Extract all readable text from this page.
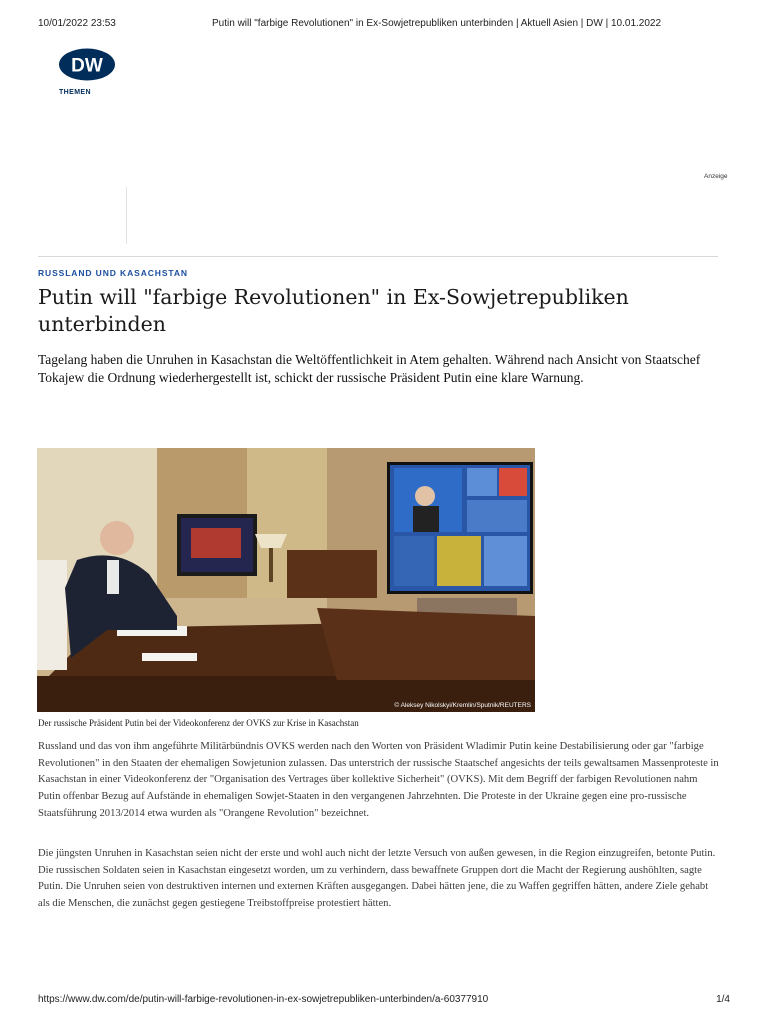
10/01/2022 23:53	Putin will "farbige Revolutionen" in Ex-Sowjetrepubliken unterbinden | Aktuell Asien | DW | 10.01.2022
DW
THEMEN
Anzeige
RUSSLAND UND KASACHSTAN
Putin will "farbige Revolutionen" in Ex-Sowjetrepubliken unterbinden

Tagelang haben die Unruhen in Kasachstan die Weltöffentlichkeit in Atem gehalten. Während nach Ansicht von Staatschef Tokajew die Ordnung wiederhergestellt ist, schickt der russische Präsident Putin eine klare Warnung.

© Aleksey Nikolskyi/Kremlin/Sputnik/REUTERS
Der russische Präsident Putin bei der Videokonferenz der OVKS zur Krise in Kasachstan

Russland und das von ihm angeführte Militärbündnis OVKS werden nach den Worten von Präsident Wladimir Putin keine Destabilisierung oder gar "farbige Revolutionen" in den Staaten der ehemaligen Sowjetunion zulassen. Das unterstrich der russische Staatschef angesichts der teils gewaltsamen Massenproteste in Kasachstan in einer Videokonferenz der "Organisation des Vertrages über kollektive Sicherheit" (OVKS). Mit dem Begriff der farbigen Revolutionen nahm Putin offenbar Bezug auf Aufstände in ehemaligen Sowjet-Staaten in den vergangenen Jahrzehnten. Die Proteste in der Ukraine gegen eine pro-russische Staatsführung 2013/2014 etwa wurden als "Orangene Revolution" bezeichnet.

Die jüngsten Unruhen in Kasachstan seien nicht der erste und wohl auch nicht der letzte Versuch von außen gewesen, in die Region einzugreifen, betonte Putin. Die russischen Soldaten seien in Kasachstan eingesetzt worden, um zu verhindern, dass bewaffnete Gruppen dort die Macht der Regierung aushöhlten, sagte Putin. Die Unruhen seien von destruktiven internen und externen Kräften ausgegangen. Dabei hätten jene, die zu Waffen gegriffen hätten, andere Ziele gehabt als die Menschen, die zunächst gegen gestiegene Treibstoffpreise protestiert hätten.

https://www.dw.com/de/putin-will-farbige-revolutionen-in-ex-sowjetrepubliken-unterbinden/a-60377910	1/4
